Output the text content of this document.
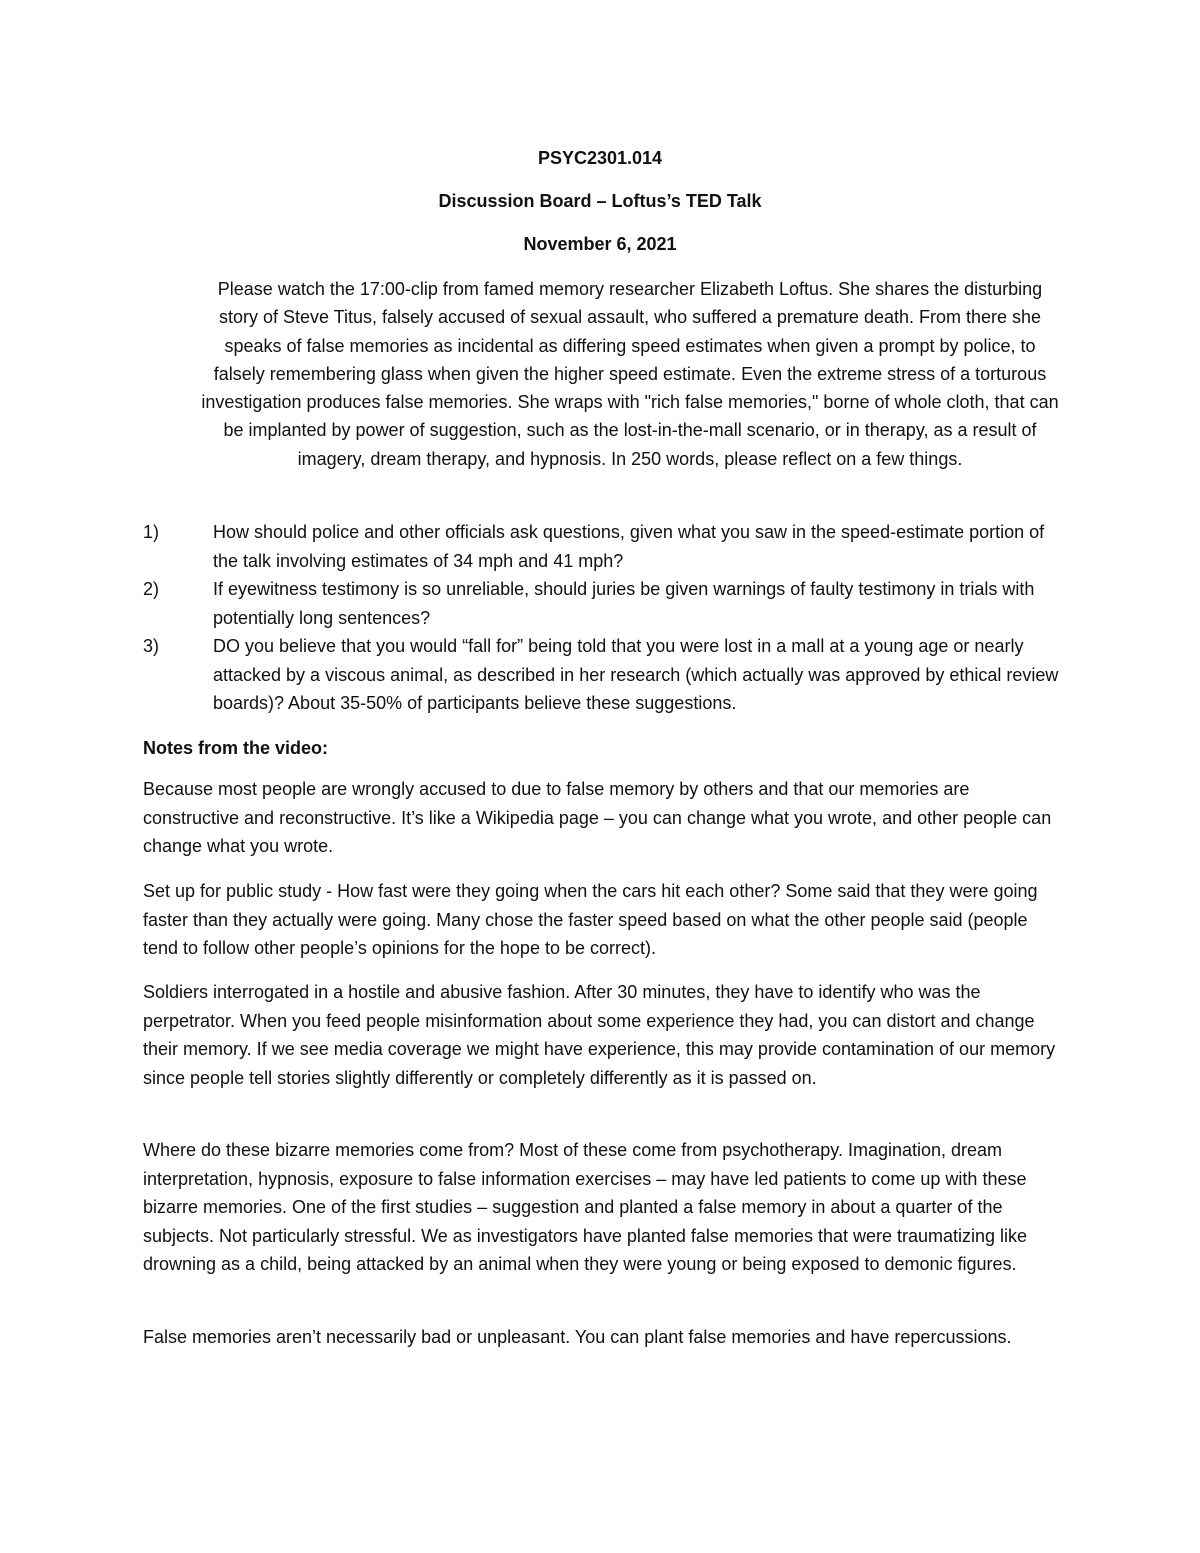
PSYC2301.014
Discussion Board – Loftus’s TED Talk
November 6, 2021

Please watch the 17:00-clip from famed memory researcher Elizabeth Loftus. She shares the disturbing story of Steve Titus, falsely accused of sexual assault, who suffered a premature death. From there she speaks of false memories as incidental as differing speed estimates when given a prompt by police, to falsely remembering glass when given the higher speed estimate. Even the extreme stress of a torturous investigation produces false memories. She wraps with "rich false memories," borne of whole cloth, that can be implanted by power of suggestion, such as the lost-in-the-mall scenario, or in therapy, as a result of imagery, dream therapy, and hypnosis. In 250 words, please reflect on a few things.

1)	How should police and other officials ask questions, given what you saw in the speed-estimate portion of the talk involving estimates of 34 mph and 41 mph?
2)	If eyewitness testimony is so unreliable, should juries be given warnings of faulty testimony in trials with potentially long sentences?
3)	DO you believe that you would “fall for” being told that you were lost in a mall at a young age or nearly attacked by a viscous animal, as described in her research (which actually was approved by ethical review boards)? About 35-50% of participants believe these suggestions.

Notes from the video:

Because most people are wrongly accused to due to false memory by others and that our memories are constructive and reconstructive. It’s like a Wikipedia page – you can change what you wrote, and other people can change what you wrote.

Set up for public study - How fast were they going when the cars hit each other? Some said that they were going faster than they actually were going. Many chose the faster speed based on what the other people said (people tend to follow other people’s opinions for the hope to be correct).

Soldiers interrogated in a hostile and abusive fashion. After 30 minutes, they have to identify who was the perpetrator. When you feed people misinformation about some experience they had, you can distort and change their memory. If we see media coverage we might have experience, this may provide contamination of our memory since people tell stories slightly differently or completely differently as it is passed on.

Where do these bizarre memories come from? Most of these come from psychotherapy. Imagination, dream interpretation, hypnosis, exposure to false information exercises – may have led patients to come up with these bizarre memories. One of the first studies – suggestion and planted a false memory in about a quarter of the subjects. Not particularly stressful. We as investigators have planted false memories that were traumatizing like drowning as a child, being attacked by an animal when they were young or being exposed to demonic figures.

False memories aren’t necessarily bad or unpleasant. You can plant false memories and have repercussions.
